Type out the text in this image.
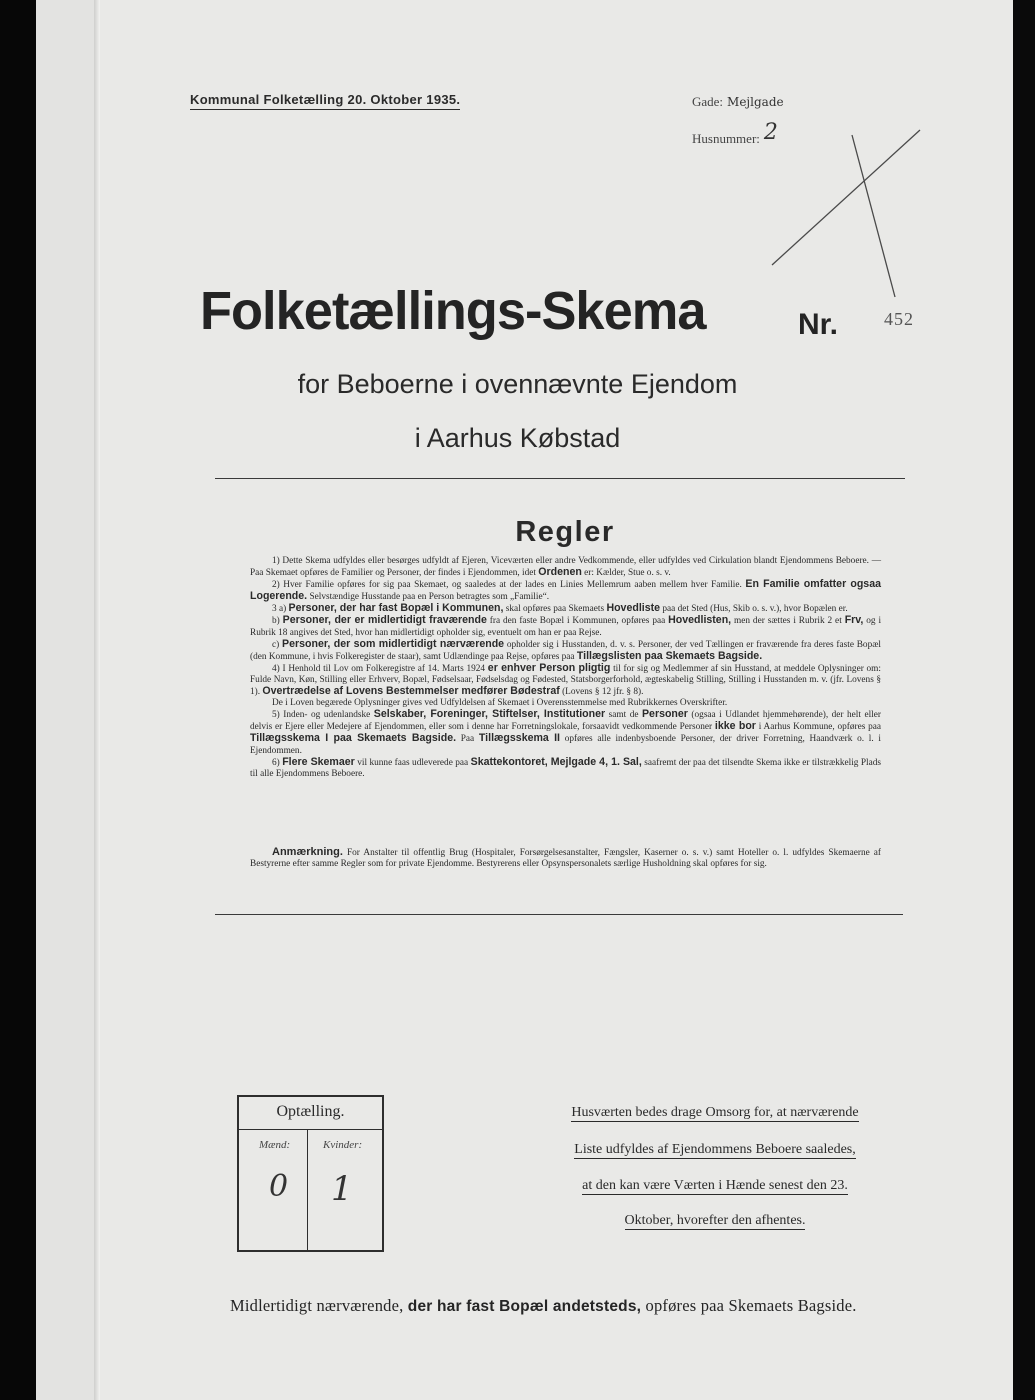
Kommunal Folketælling 20. Oktober 1935.	Gade: Mejlgade
Husnummer: 2
Folketællings-Skema	Nr.	452
for Beboerne i ovennævnte Ejendom
i Aarhus Købstad
Regler

1) Dette Skema udfyldes eller besørges udfyldt af Ejeren, Viceværten eller andre Vedkommende, eller udfyldes ved Cirkulation blandt Ejendommens Beboere. — Paa Skemaet opføres de Familier og Personer, der findes i Ejendommen, idet Ordenen er: Kælder, Stue o. s. v.

2) Hver Familie opføres for sig paa Skemaet, og saaledes at der lades en Linies Mellemrum aaben mellem hver Familie. En Familie omfatter ogsaa Logerende. Selvstændige Husstande paa en Person betragtes som „Familie“.

3 a) Personer, der har fast Bopæl i Kommunen, skal opføres paa Skemaets Hovedliste paa det Sted (Hus, Skib o. s. v.), hvor Bopælen er.

b) Personer, der er midlertidigt fraværende fra den faste Bopæl i Kommunen, opføres paa Hovedlisten, men der sættes i Rubrik 2 et Frv, og i Rubrik 18 angives det Sted, hvor han midlertidigt opholder sig, eventuelt om han er paa Rejse.

c) Personer, der som midlertidigt nærværende opholder sig i Husstanden, d. v. s. Personer, der ved Tællingen er fraværende fra deres faste Bopæl (den Kommune, i hvis Folkeregister de staar), samt Udlændinge paa Rejse, opføres paa Tillægslisten paa Skemaets Bagside.

4) I Henhold til Lov om Folkeregistre af 14. Marts 1924 er enhver Person pligtig til for sig og Medlemmer af sin Husstand, at meddele Oplysninger om: Fulde Navn, Køn, Stilling eller Erhverv, Bopæl, Fødselsaar, Fødselsdag og Fødested, Statsborgerforhold, ægteskabelig Stilling, Stilling i Husstanden m. v. (jfr. Lovens § 1). Overtrædelse af Lovens Bestemmelser medfører Bødestraf (Lovens § 12 jfr. § 8).

De i Loven begærede Oplysninger gives ved Udfyldelsen af Skemaet i Overensstemmelse med Rubrikkernes Overskrifter.

5) Inden- og udenlandske Selskaber, Foreninger, Stiftelser, Institutioner samt de Personer (ogsaa i Udlandet hjemmehørende), der helt eller delvis er Ejere eller Medejere af Ejendommen, eller som i denne har Forretningslokale, forsaavidt vedkommende Personer ikke bor i Aarhus Kommune, opføres paa Tillægsskema I paa Skemaets Bagside. Paa Tillægsskema II opføres alle indenbysboende Personer, der driver Forretning, Haandværk o. l. i Ejendommen.

6) Flere Skemaer vil kunne faas udleverede paa Skattekontoret, Mejlgade 4, 1. Sal, saafremt der paa det tilsendte Skema ikke er tilstrækkelig Plads til alle Ejendommens Beboere.

Anmærkning. For Anstalter til offentlig Brug (Hospitaler, Forsørgelsesanstalter, Fængsler, Kaserner o. s. v.) samt Hoteller o. l. udfyldes Skemaerne af Bestyrerne efter samme Regler som for private Ejendomme. Bestyrerens eller Opsynspersonalets særlige Husholdning skal opføres for sig.
Optælling.
Mænd:	Kvinder:
0 1
Husværten bedes drage Omsorg for, at nærværende
Liste udfyldes af Ejendommens Beboere saaledes,
at den kan være Værten i Hænde senest den 23.
Oktober, hvorefter den afhentes.
Midlertidigt nærværende, der har fast Bopæl andetsteds, opføres paa Skemaets Bagside.
